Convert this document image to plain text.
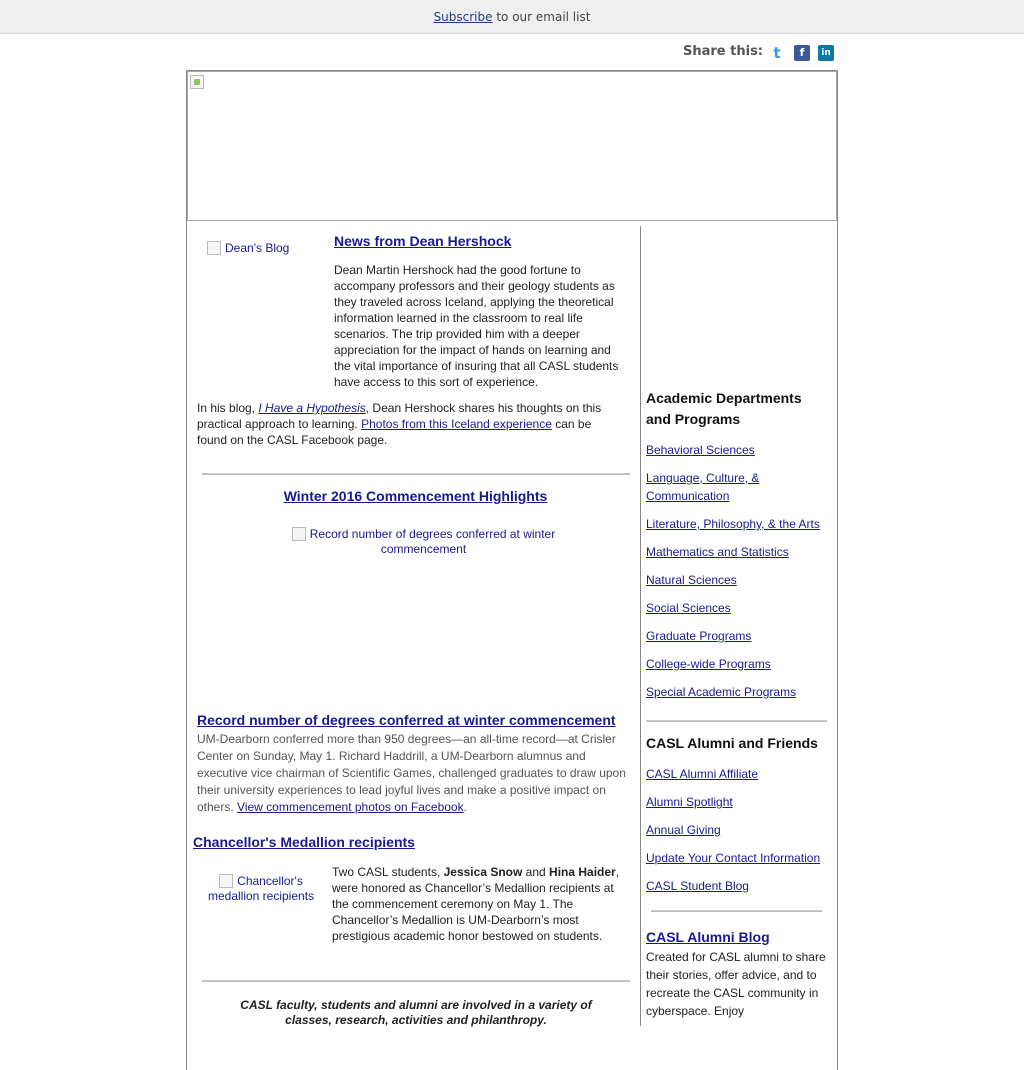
Subscribe to our email list
Share this: t	f	in
Dean's Blog	News from Dean Hershock
Dean Martin Hershock had the good fortune to accompany professors and their geology students as they traveled across Iceland, applying the theoretical information learned in the classroom to real life scenarios. The trip provided him with a deeper appreciation for the impact of hands on learning and the vital importance of insuring that all CASL students have access to this sort of experience.
In his blog, I Have a Hypothesis, Dean Hershock shares his thoughts on this practical approach to learning. Photos from this Iceland experience can be found on the CASL Facebook page.
Winter 2016 Commencement Highlights
Record number of degrees conferred at winter commencement
Record number of degrees conferred at winter commencement
UM-Dearborn conferred more than 950 degrees—an all-time record—at Crisler Center on Sunday, May 1. Richard Haddrill, a UM-Dearborn alumnus and executive vice chairman of Scientific Games, challenged graduates to draw upon their university experiences to lead joyful lives and make a positive impact on others. View commencement photos on Facebook.
Chancellor's Medallion recipients
Chancellor's medallion recipients
Two CASL students, Jessica Snow and Hina Haider, were honored as Chancellor’s Medallion recipients at the commencement ceremony on May 1. The Chancellor’s Medallion is UM-Dearborn’s most prestigious academic honor bestowed on students.
CASL faculty, students and alumni are involved in a variety of classes, research, activities and philanthropy.
Academic Departments and Programs
Behavioral Sciences
Language, Culture, & Communication
Literature, Philosophy, & the Arts
Mathematics and Statistics
Natural Sciences
Social Sciences
Graduate Programs
College-wide Programs
Special Academic Programs
CASL Alumni and Friends
CASL Alumni Affiliate
Alumni Spotlight
Annual Giving
Update Your Contact Information
CASL Student Blog
CASL Alumni Blog
Created for CASL alumni to share their stories, offer advice, and to recreate the CASL community in cyberspace. Enjoy
